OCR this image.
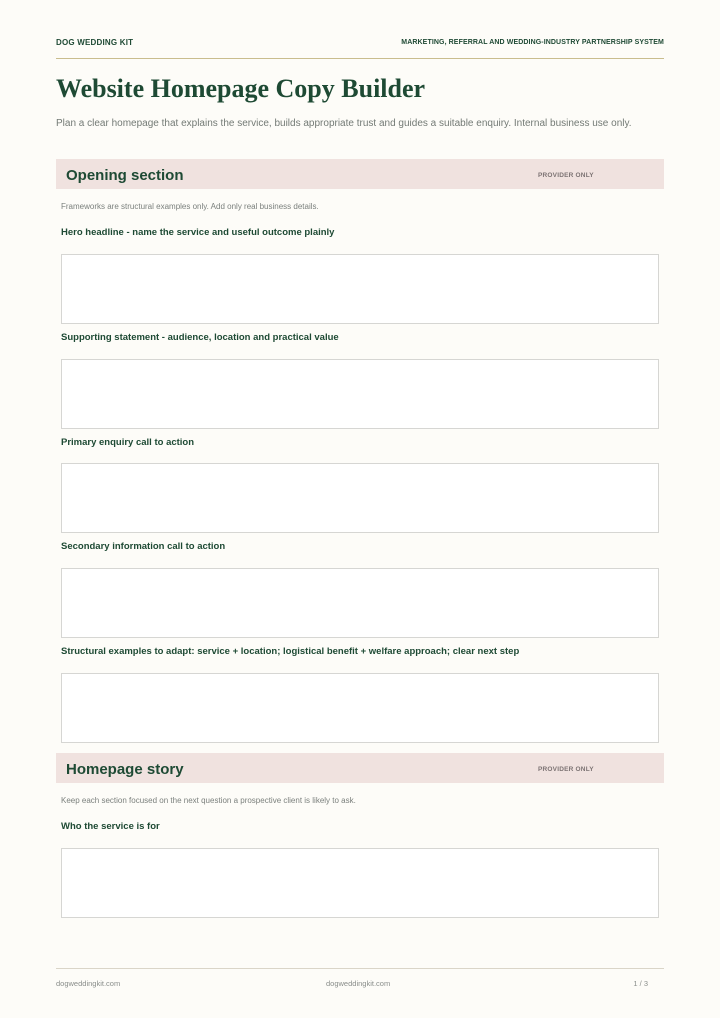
DOG WEDDING KIT	MARKETING, REFERRAL AND WEDDING-INDUSTRY PARTNERSHIP SYSTEM
Website Homepage Copy Builder
Plan a clear homepage that explains the service, builds appropriate trust and guides a suitable enquiry. Internal business use only.
Opening section	PROVIDER ONLY
Frameworks are structural examples only. Add only real business details.
Hero headline - name the service and useful outcome plainly
Supporting statement - audience, location and practical value
Primary enquiry call to action
Secondary information call to action
Structural examples to adapt: service + location; logistical benefit + welfare approach; clear next step
Homepage story	PROVIDER ONLY
Keep each section focused on the next question a prospective client is likely to ask.
Who the service is for
dogweddingkit.com	dogweddingkit.com	1 / 3
